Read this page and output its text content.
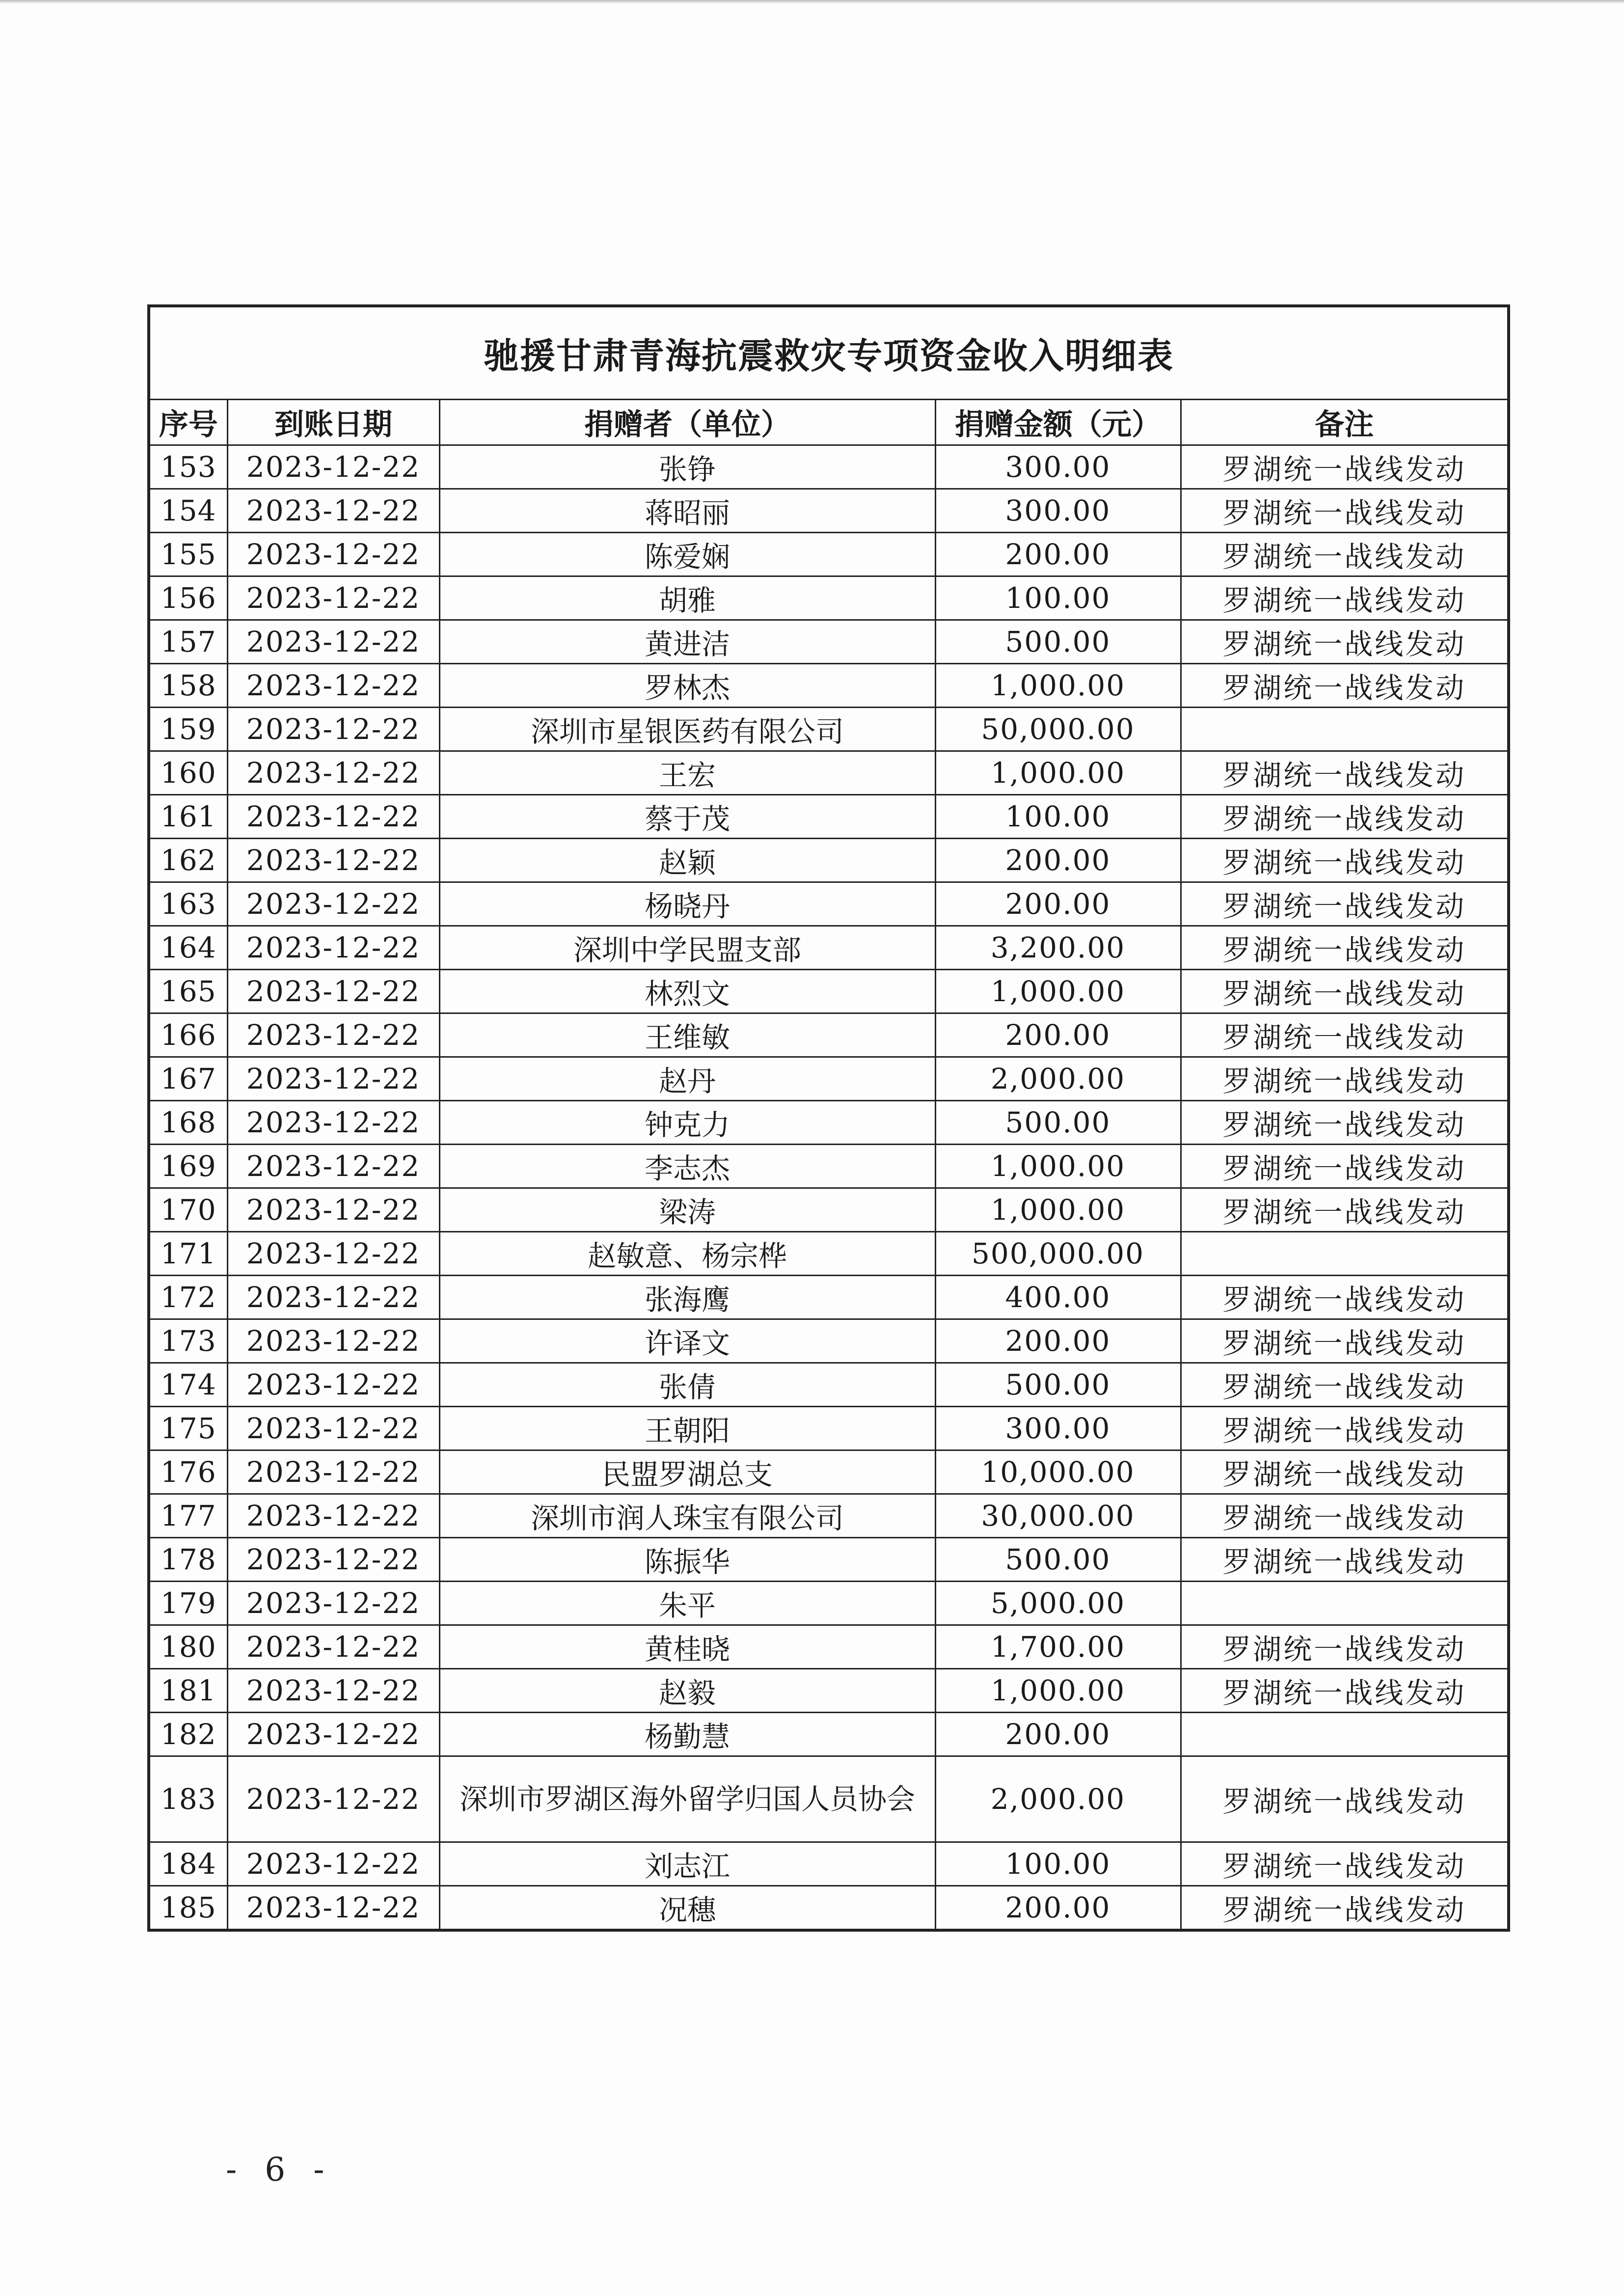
驰援甘肃青海抗震救灾专项资金收入明细表				
序号	到账日期	捐赠者（单位）	捐赠金额（元）	备注
153	2023-12-22	张铮	300.00	罗湖统一战线发动
154	2023-12-22	蒋昭丽	300.00	罗湖统一战线发动
155	2023-12-22	陈爱娴	200.00	罗湖统一战线发动
156	2023-12-22	胡雅	100.00	罗湖统一战线发动
157	2023-12-22	黄进洁	500.00	罗湖统一战线发动
158	2023-12-22	罗林杰	1,000.00	罗湖统一战线发动
159	2023-12-22	深圳市星银医药有限公司	50,000.00	
160	2023-12-22	王宏	1,000.00	罗湖统一战线发动
161	2023-12-22	蔡于茂	100.00	罗湖统一战线发动
162	2023-12-22	赵颖	200.00	罗湖统一战线发动
163	2023-12-22	杨晓丹	200.00	罗湖统一战线发动
164	2023-12-22	深圳中学民盟支部	3,200.00	罗湖统一战线发动
165	2023-12-22	林烈文	1,000.00	罗湖统一战线发动
166	2023-12-22	王维敏	200.00	罗湖统一战线发动
167	2023-12-22	赵丹	2,000.00	罗湖统一战线发动
168	2023-12-22	钟克力	500.00	罗湖统一战线发动
169	2023-12-22	李志杰	1,000.00	罗湖统一战线发动
170	2023-12-22	梁涛	1,000.00	罗湖统一战线发动
171	2023-12-22	赵敏意、杨宗桦	500,000.00	
172	2023-12-22	张海鹰	400.00	罗湖统一战线发动
173	2023-12-22	许译文	200.00	罗湖统一战线发动
174	2023-12-22	张倩	500.00	罗湖统一战线发动
175	2023-12-22	王朝阳	300.00	罗湖统一战线发动
176	2023-12-22	民盟罗湖总支	10,000.00	罗湖统一战线发动
177	2023-12-22	深圳市润人珠宝有限公司	30,000.00	罗湖统一战线发动
178	2023-12-22	陈振华	500.00	罗湖统一战线发动
179	2023-12-22	朱平	5,000.00	
180	2023-12-22	黄桂晓	1,700.00	罗湖统一战线发动
181	2023-12-22	赵毅	1,000.00	罗湖统一战线发动
182	2023-12-22	杨勤慧	200.00	
183	2023-12-22	深圳市罗湖区海外留学归国人员协会	2,000.00	罗湖统一战线发动
184	2023-12-22	刘志江	100.00	罗湖统一战线发动
185	2023-12-22	况穗	200.00	罗湖统一战线发动
- 6 -
